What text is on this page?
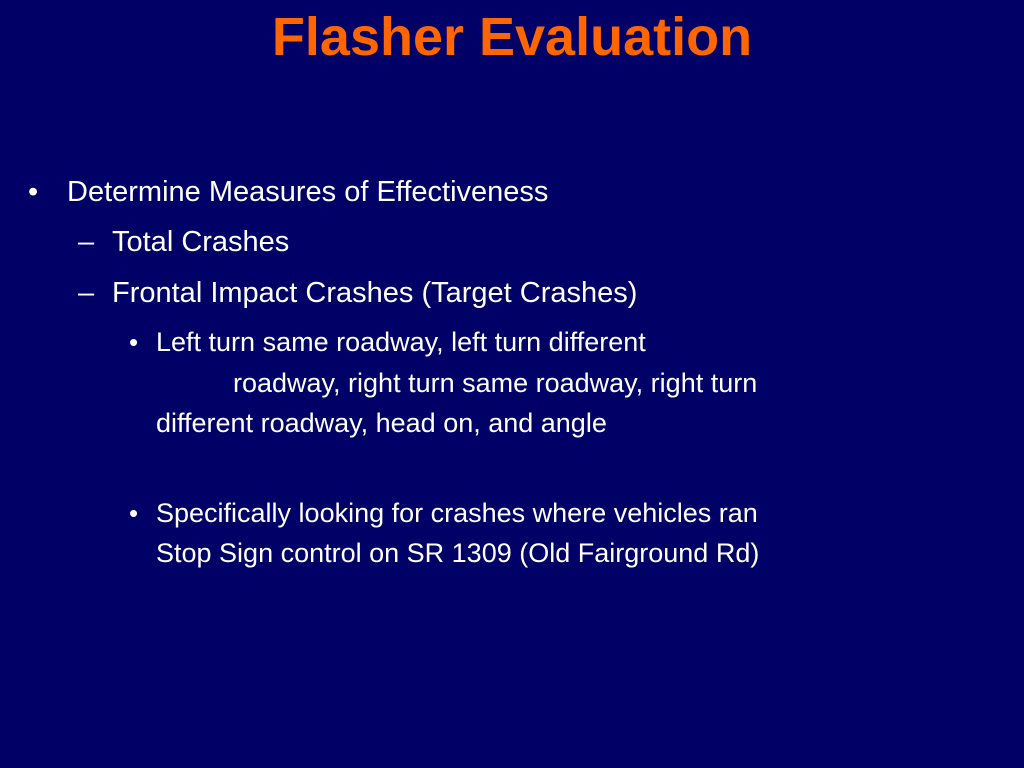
Flasher Evaluation
• Determine Measures of Effectiveness
– Total Crashes
– Frontal Impact Crashes (Target Crashes)
• Left turn same roadway, left turn different
roadway, right turn same roadway, right turn
different roadway, head on, and angle
• Specifically looking for crashes where vehicles ran
Stop Sign control on SR 1309 (Old Fairground Rd)
